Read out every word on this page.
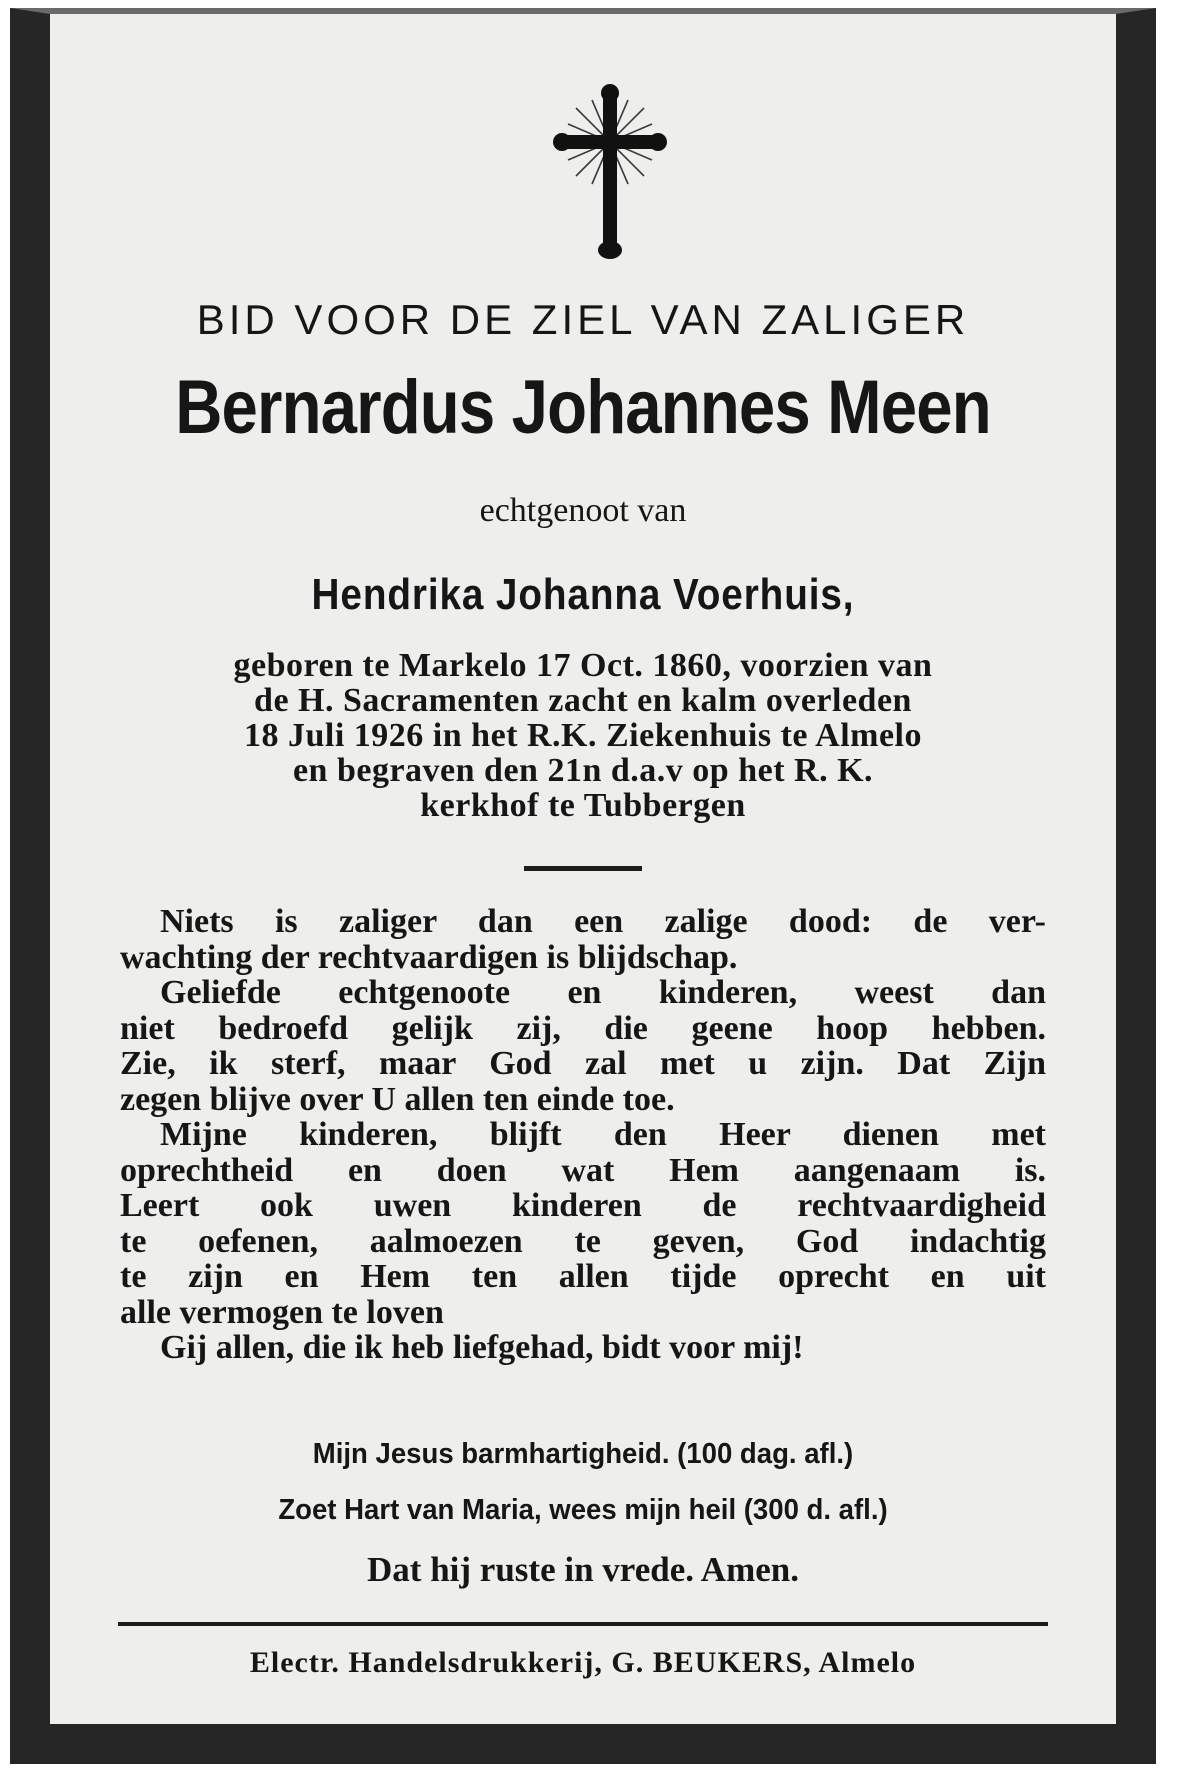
BID VOOR DE ZIEL VAN ZALIGER
Bernardus Johannes Meen
echtgenoot van
Hendrika Johanna Voerhuis,
geboren te Markelo 17 Oct. 1860, voorzien van
de H. Sacramenten zacht en kalm overleden
18 Juli 1926 in het R.K. Ziekenhuis te Almelo
en begraven den 21n d.a.v op het R. K.
kerkhof te Tubbergen
Niets is zaliger dan een zalige dood: de ver-
wachting der rechtvaardigen is blijdschap.
Geliefde echtgenoote en kinderen, weest dan
niet bedroefd gelijk zij, die geene hoop hebben.
Zie, ik sterf, maar God zal met u zijn. Dat Zijn
zegen blijve over U allen ten einde toe.
Mijne kinderen, blijft den Heer dienen met
oprechtheid en doen wat Hem aangenaam is.
Leert ook uwen kinderen de rechtvaardigheid
te oefenen, aalmoezen te geven, God indachtig
te zijn en Hem ten allen tijde oprecht en uit
alle vermogen te loven
Gij allen, die ik heb liefgehad, bidt voor mij!
Mijn Jesus barmhartigheid. (100 dag. afl.)
Zoet Hart van Maria, wees mijn heil (300 d. afl.)
Dat hij ruste in vrede. Amen.
Electr. Handelsdrukkerij, G. BEUKERS, Almelo
